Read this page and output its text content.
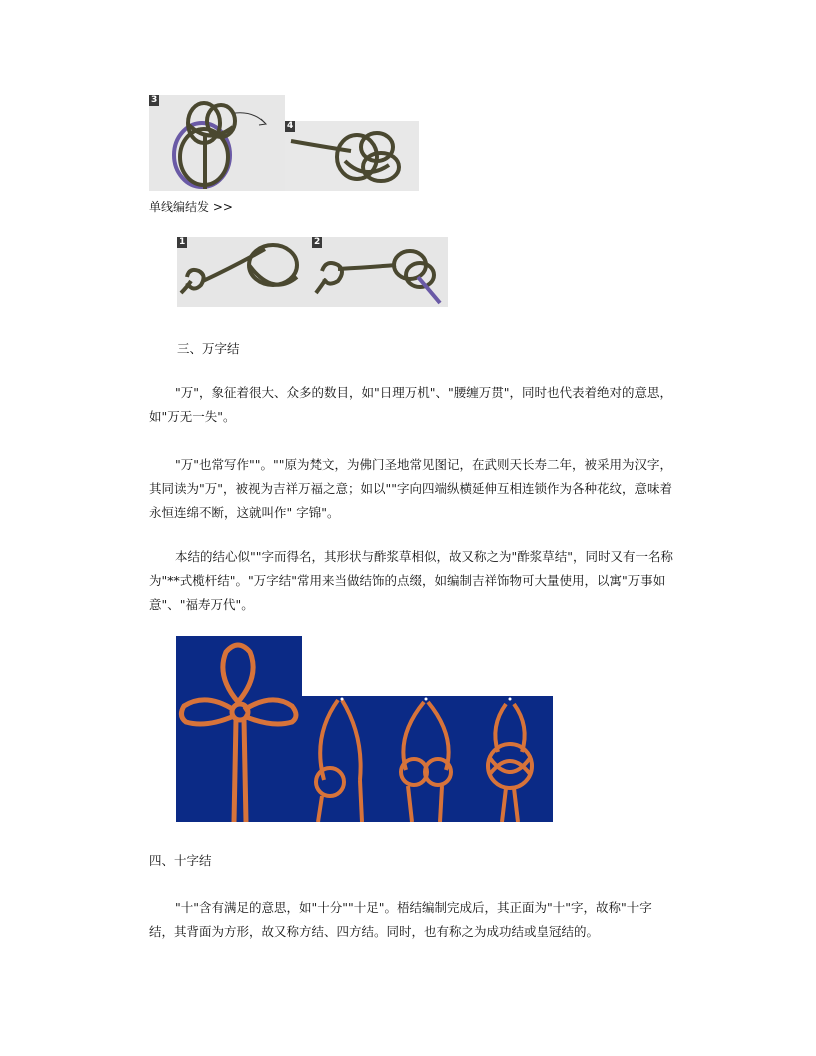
3
4
单线编结发 >>
1	2
三、万字结

"万"，象征着很大、众多的数目，如"日理万机"、"腰缠万贯"，同时也代表着绝对的意思，如"万无一失"。

"万"也常写作""。""原为梵文，为佛门圣地常见图记，在武则天长寿二年，被采用为汉字，其同读为"万"，被视为吉祥万福之意；如以""字向四端纵横延伸互相连锁作为各种花纹，意味着永恒连绵不断，这就叫作" 字锦"。

本结的结心似""字而得名，其形状与酢浆草相似，故又称之为"酢浆草结"，同时又有一名称为"**式榄杆结"。"万字结"常用来当做结饰的点缀，如编制吉祥饰物可大量使用，以寓"万事如意"、"福寿万代"。

四、十字结

"十"含有满足的意思，如"十分""十足"。梧结编制完成后，其正面为"十"字，故称"十字结，其背面为方形，故又称方结、四方结。同时，也有称之为成功结或皇冠结的。
